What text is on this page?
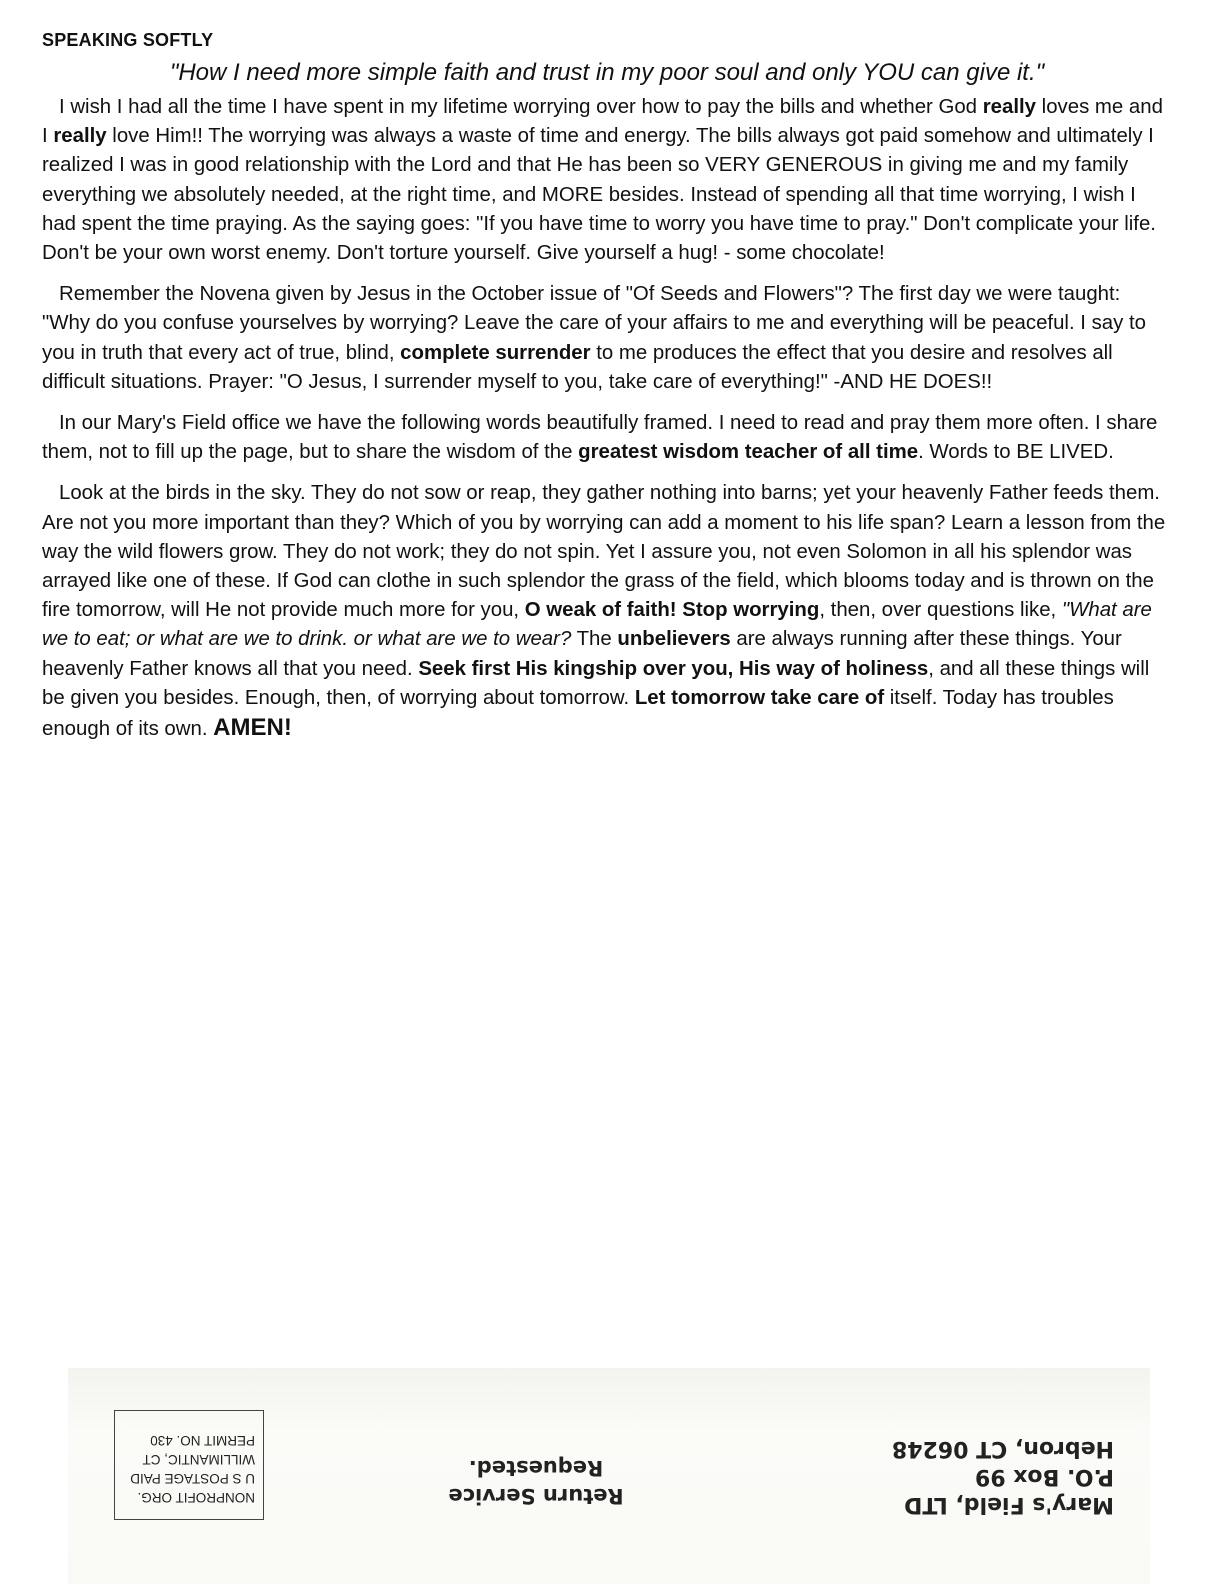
SPEAKING SOFTLY
"How I need more simple faith and trust in my poor soul and only YOU can give it."

I wish I had all the time I have spent in my lifetime worrying over how to pay the bills and whether God really loves me and I really love Him!! The worrying was always a waste of time and energy. The bills always got paid somehow and ultimately I realized I was in good relationship with the Lord and that He has been so VERY GENEROUS in giving me and my family everything we absolutely needed, at the right time, and MORE besides. Instead of spending all that time worrying, I wish I had spent the time praying. As the saying goes: "If you have time to worry you have time to pray." Don't complicate your life. Don't be your own worst enemy. Don't torture yourself. Give yourself a hug! - some chocolate!

Remember the Novena given by Jesus in the October issue of "Of Seeds and Flowers"? The first day we were taught: "Why do you confuse yourselves by worrying? Leave the care of your affairs to me and everything will be peaceful. I say to you in truth that every act of true, blind, complete surrender to me produces the effect that you desire and resolves all difficult situations. Prayer: "O Jesus, I surrender myself to you, take care of everything!" -AND HE DOES!!

In our Mary's Field office we have the following words beautifully framed. I need to read and pray them more often. I share them, not to fill up the page, but to share the wisdom of the greatest wisdom teacher of all time. Words to BE LIVED.

Look at the birds in the sky. They do not sow or reap, they gather nothing into barns; yet your heavenly Father feeds them. Are not you more important than they? Which of you by worrying can add a moment to his life span? Learn a lesson from the way the wild flowers grow. They do not work; they do not spin. Yet I assure you, not even Solomon in all his splendor was arrayed like one of these. If God can clothe in such splendor the grass of the field, which blooms today and is thrown on the fire tomorrow, will He not provide much more for you, O weak of faith! Stop worrying, then, over questions like, "What are we to eat; or what are we to drink. or what are we to wear? The unbelievers are always running after these things. Your heavenly Father knows all that you need. Seek first His kingship over you, His way of holiness, and all these things will be given you besides. Enough, then, of worrying about tomorrow. Let tomorrow take care of itself. Today has troubles enough of its own. AMEN!

NONPROFIT ORG.
U S POSTAGE PAID
WILLIMANTIC, CT
PERMIT NO. 430
Return Service
Requested.
Mary's Field, LTD
P.O. Box 99
Hebron, CT 06248
